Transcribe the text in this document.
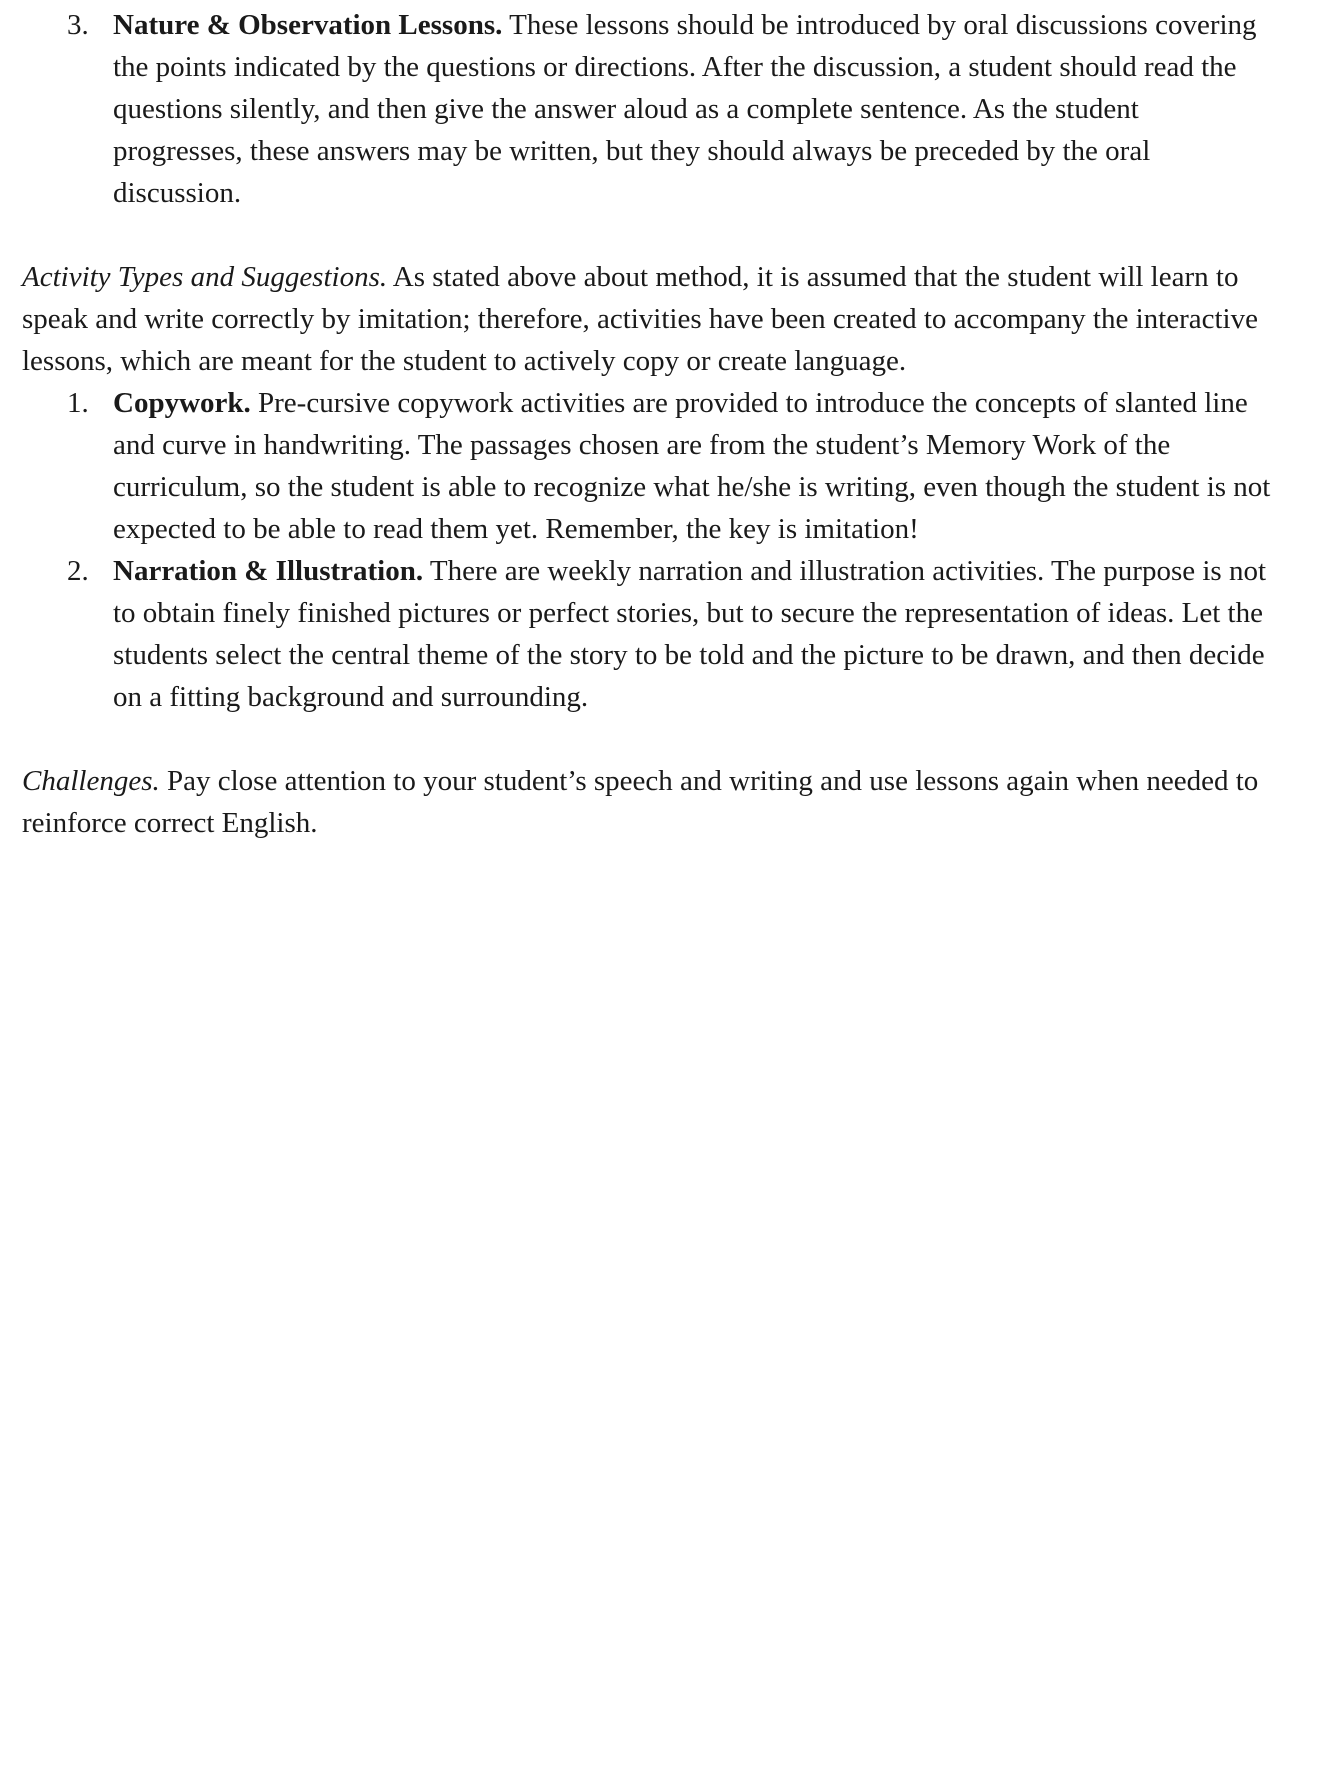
3. Nature & Observation Lessons. These lessons should be introduced by oral discussions covering the points indicated by the questions or directions. After the discussion, a student should read the questions silently, and then give the answer aloud as a complete sentence. As the student progresses, these answers may be written, but they should always be preceded by the oral discussion.

Activity Types and Suggestions. As stated above about method, it is assumed that the student will learn to speak and write correctly by imitation; therefore, activities have been created to accompany the interactive lessons, which are meant for the student to actively copy or create language.

1. Copywork. Pre-cursive copywork activities are provided to introduce the concepts of slanted line and curve in handwriting. The passages chosen are from the student’s Memory Work of the curriculum, so the student is able to recognize what he/she is writing, even though the student is not expected to be able to read them yet. Remember, the key is imitation!
2. Narration & Illustration. There are weekly narration and illustration activities. The purpose is not to obtain finely finished pictures or perfect stories, but to secure the representation of ideas. Let the students select the central theme of the story to be told and the picture to be drawn, and then decide on a fitting background and surrounding.

Challenges. Pay close attention to your student’s speech and writing and use lessons again when needed to reinforce correct English.
